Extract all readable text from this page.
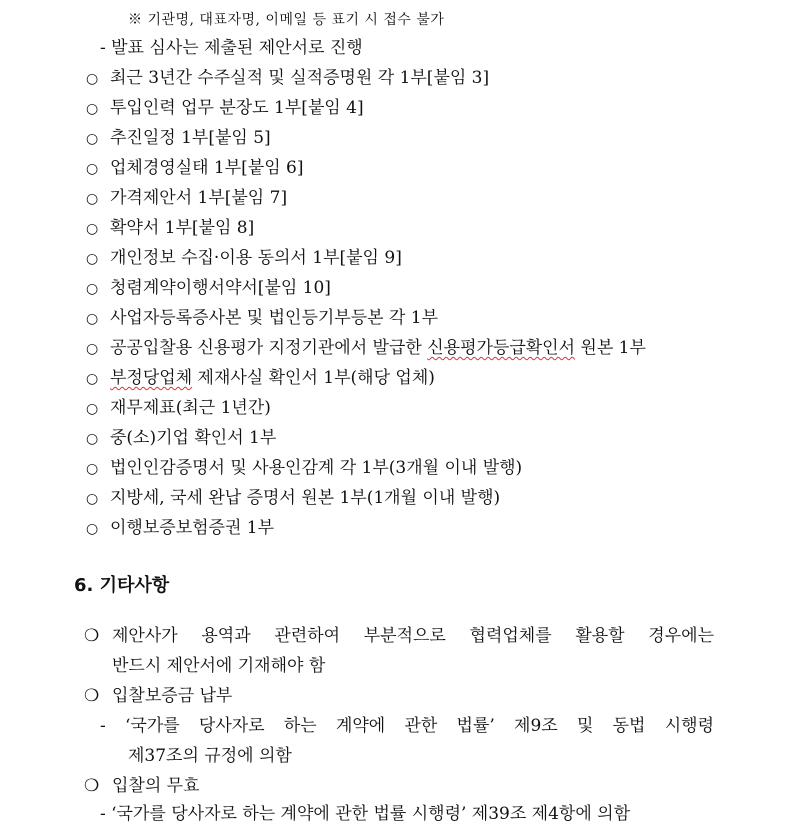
※ 기관명, 대표자명, 이메일 등 표기 시 접수 불가
- 발표 심사는 제출된 제안서로 진행
○ 최근 3년간 수주실적 및 실적증명원 각 1부[붙임 3]
○ 투입인력 업무 분장도 1부[붙임 4]
○ 추진일정 1부[붙임 5]
○ 업체경영실태 1부[붙임 6]
○ 가격제안서 1부[붙임 7]
○ 확약서 1부[붙임 8]
○ 개인정보 수집·이용 동의서 1부[붙임 9]
○ 청렴계약이행서약서[붙임 10]
○ 사업자등록증사본 및 법인등기부등본 각 1부
○ 공공입찰용 신용평가 지정기관에서 발급한 신용평가등급확인서 원본 1부
○ 부정당업체 제재사실 확인서 1부(해당 업체)
○ 재무제표(최근 1년간)
○ 중(소)기업 확인서 1부
○ 법인인감증명서 및 사용인감계 각 1부(3개월 이내 발행)
○ 지방세, 국세 완납 증명서 원본 1부(1개월 이내 발행)
○ 이행보증보험증권 1부
6. 기타사항
❍ 제안사가 용역과 관련하여 부분적으로 협력업체를 활용할 경우에는
반드시 제안서에 기재해야 함
❍ 입찰보증금 납부
- ‘국가를 당사자로 하는 계약에 관한 법률’ 제9조 및 동법 시행령
제37조의 규정에 의함
❍ 입찰의 무효
- ‘국가를 당사자로 하는 계약에 관한 법률 시행령’ 제39조 제4항에 의함
